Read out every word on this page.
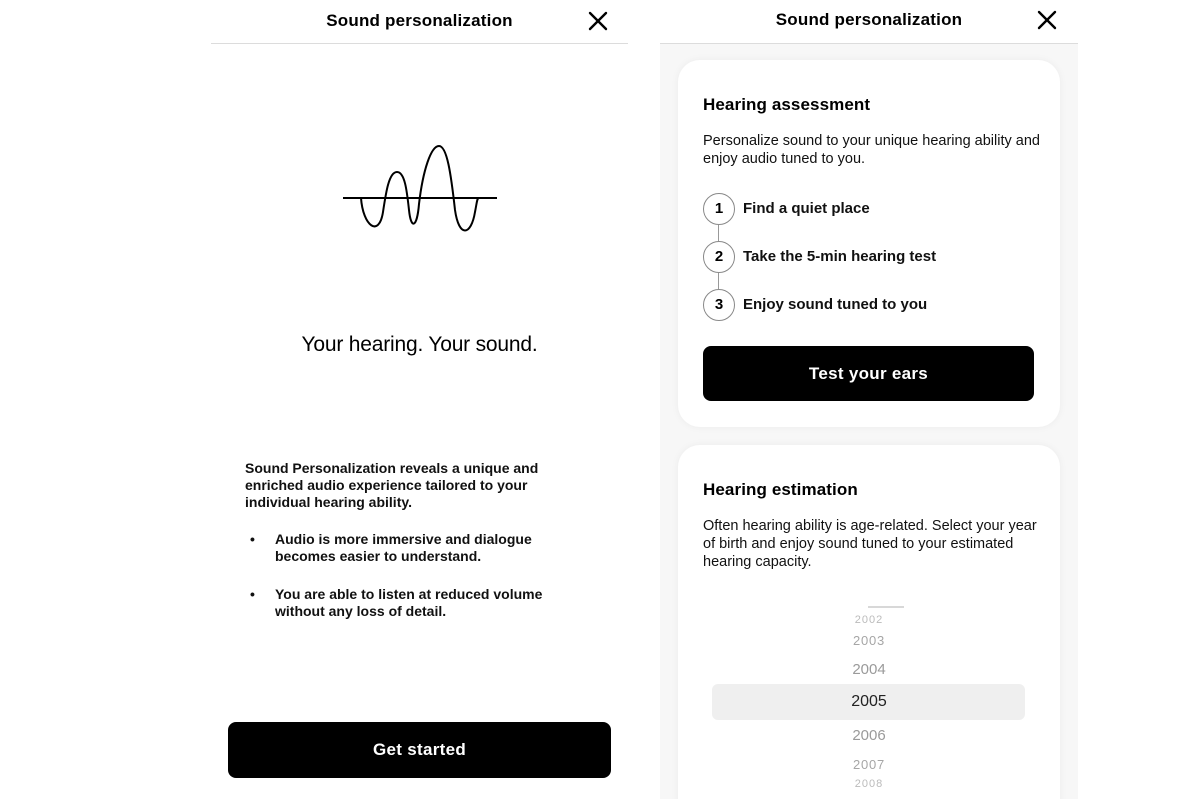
Sound personalization
Your hearing. Your sound.

Sound Personalization reveals a unique and enriched audio experience tailored to your individual hearing ability.

• Audio is more immersive and dialogue becomes easier to understand.
• You are able to listen at reduced volume without any loss of detail.
Get started
Sound personalization
Hearing assessment
Personalize sound to your unique hearing ability and enjoy audio tuned to you.
1	Find a quiet place
2	Take the 5-min hearing test
3	Enjoy sound tuned to you
Test your ears
Hearing estimation
Often hearing ability is age-related. Select your year of birth and enjoy sound tuned to your estimated hearing capacity.
2002
2003
2004
2005
2006
2007
2008
